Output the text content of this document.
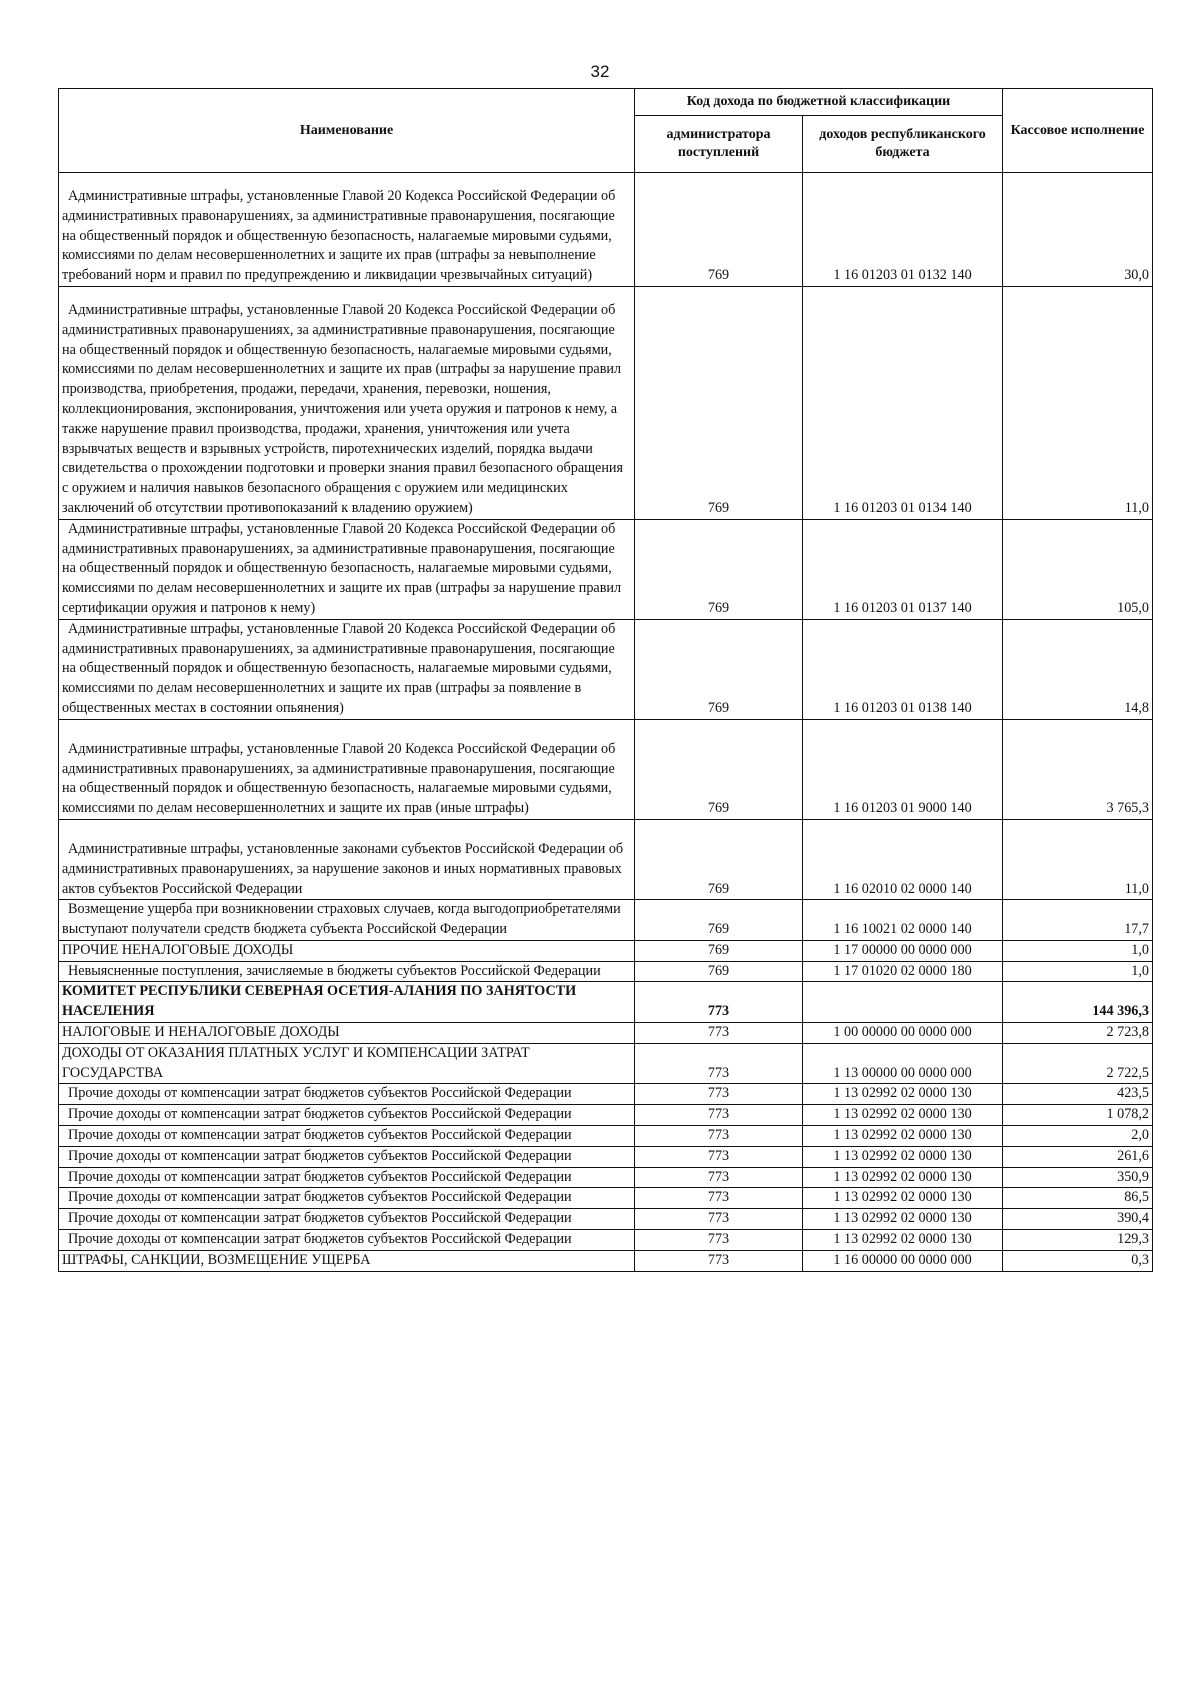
32
Наименование	Код дохода по бюджетной классификации		Кассовое исполнение
	администратора поступлений	доходов республиканского бюджета	
Административные штрафы, установленные Главой 20 Кодекса Российской Федерации об административных правонарушениях, за административные правонарушения, посягающие на общественный порядок и общественную безопасность, налагаемые мировыми судьями, комиссиями по делам несовершеннолетних и защите их прав (штрафы за невыполнение требований норм и правил по предупреждению и ликвидации чрезвычайных ситуаций)	769	1 16 01203 01 0132 140	30,0
Административные штрафы, установленные Главой 20 Кодекса Российской Федерации об административных правонарушениях, за административные правонарушения, посягающие на общественный порядок и общественную безопасность, налагаемые мировыми судьями, комиссиями по делам несовершеннолетних и защите их прав (штрафы за нарушение правил производства, приобретения, продажи, передачи, хранения, перевозки, ношения, коллекционирования, экспонирования, уничтожения или учета оружия и патронов к нему, а также нарушение правил производства, продажи, хранения, уничтожения или учета взрывчатых веществ и взрывных устройств, пиротехнических изделий, порядка выдачи свидетельства о прохождении подготовки и проверки знания правил безопасного обращения с оружием и наличия навыков безопасного обращения с оружием или медицинских заключений об отсутствии противопоказаний к владению оружием)	769	1 16 01203 01 0134 140	11,0
Административные штрафы, установленные Главой 20 Кодекса Российской Федерации об административных правонарушениях, за административные правонарушения, посягающие на общественный порядок и общественную безопасность, налагаемые мировыми судьями, комиссиями по делам несовершеннолетних и защите их прав (штрафы за нарушение правил сертификации оружия и патронов к нему)	769	1 16 01203 01 0137 140	105,0
Административные штрафы, установленные Главой 20 Кодекса Российской Федерации об административных правонарушениях, за административные правонарушения, посягающие на общественный порядок и общественную безопасность, налагаемые мировыми судьями, комиссиями по делам несовершеннолетних и защите их прав (штрафы за появление в общественных местах в состоянии опьянения)	769	1 16 01203 01 0138 140	14,8
Административные штрафы, установленные Главой 20 Кодекса Российской Федерации об административных правонарушениях, за административные правонарушения, посягающие на общественный порядок и общественную безопасность, налагаемые мировыми судьями, комиссиями по делам несовершеннолетних и защите их прав (иные штрафы)	769	1 16 01203 01 9000 140	3 765,3
Административные штрафы, установленные законами субъектов Российской Федерации об административных правонарушениях, за нарушение законов и иных нормативных правовых актов субъектов Российской Федерации	769	1 16 02010 02 0000 140	11,0
Возмещение ущерба при возникновении страховых случаев, когда выгодоприобретателями выступают получатели средств бюджета субъекта Российской Федерации	769	1 16 10021 02 0000 140	17,7
ПРОЧИЕ НЕНАЛОГОВЫЕ ДОХОДЫ	769	1 17 00000 00 0000 000	1,0
Невыясненные поступления, зачисляемые в бюджеты субъектов Российской Федерации	769	1 17 01020 02 0000 180	1,0
КОМИТЕТ РЕСПУБЛИКИ СЕВЕРНАЯ ОСЕТИЯ-АЛАНИЯ ПО ЗАНЯТОСТИ НАСЕЛЕНИЯ	773		144 396,3
НАЛОГОВЫЕ И НЕНАЛОГОВЫЕ ДОХОДЫ	773	1 00 00000 00 0000 000	2 723,8
ДОХОДЫ ОТ ОКАЗАНИЯ ПЛАТНЫХ УСЛУГ И КОМПЕНСАЦИИ ЗАТРАТ ГОСУДАРСТВА	773	1 13 00000 00 0000 000	2 722,5
Прочие доходы от компенсации затрат бюджетов субъектов Российской Федерации	773	1 13 02992 02 0000 130	423,5
Прочие доходы от компенсации затрат бюджетов субъектов Российской Федерации	773	1 13 02992 02 0000 130	1 078,2
Прочие доходы от компенсации затрат бюджетов субъектов Российской Федерации	773	1 13 02992 02 0000 130	2,0
Прочие доходы от компенсации затрат бюджетов субъектов Российской Федерации	773	1 13 02992 02 0000 130	261,6
Прочие доходы от компенсации затрат бюджетов субъектов Российской Федерации	773	1 13 02992 02 0000 130	350,9
Прочие доходы от компенсации затрат бюджетов субъектов Российской Федерации	773	1 13 02992 02 0000 130	86,5
Прочие доходы от компенсации затрат бюджетов субъектов Российской Федерации	773	1 13 02992 02 0000 130	390,4
Прочие доходы от компенсации затрат бюджетов субъектов Российской Федерации	773	1 13 02992 02 0000 130	129,3
ШТРАФЫ, САНКЦИИ, ВОЗМЕЩЕНИЕ УЩЕРБА	773	1 16 00000 00 0000 000	0,3
